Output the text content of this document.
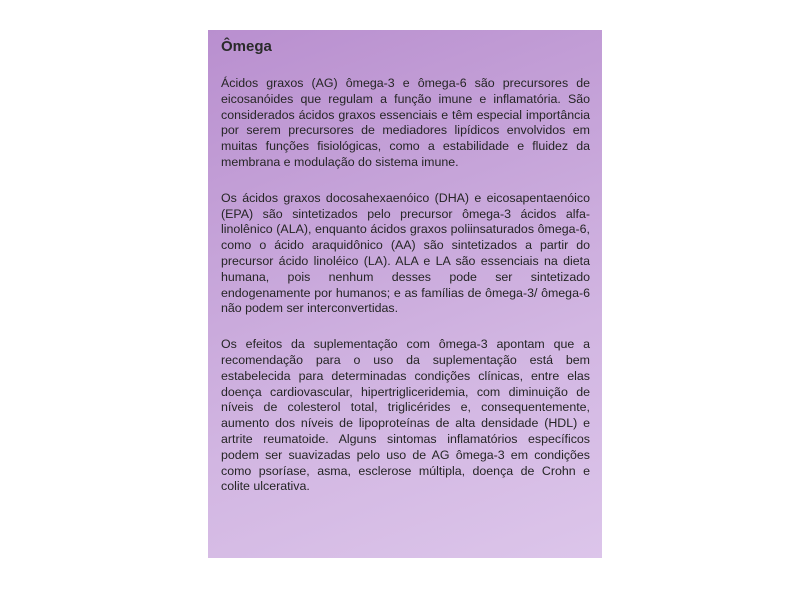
Ômega

Ácidos graxos (AG) ômega-3 e ômega-6 são precursores de eicosanóides que regulam a função imune e inflamatória. São considerados ácidos graxos essenciais e têm especial importância por serem precursores de mediadores lipídicos envolvidos em muitas funções fisiológicas, como a estabilidade e fluidez da membrana e modulação do sistema imune.

Os ácidos graxos docosahexaenóico (DHA) e eicosapentaenóico (EPA) são sintetizados pelo precursor ômega-3 ácidos alfa-linolênico (ALA), enquanto ácidos graxos poliinsaturados ômega-6, como o ácido araquidônico (AA) são sintetizados a partir do precursor ácido linoléico (LA). ALA e LA são essenciais na dieta humana, pois nenhum desses pode ser sintetizado endogenamente por humanos; e as famílias de ômega-3/ ômega-6 não podem ser interconvertidas.

Os efeitos da suplementação com ômega-3 apontam que a recomendação para o uso da suplementação está bem estabelecida para determinadas condições clínicas, entre elas doença cardiovascular, hipertrigliceridemia, com diminuição de níveis de colesterol total, triglicérides e, consequentemente, aumento dos níveis de lipoproteínas de alta densidade (HDL) e artrite reumatoide. Alguns sintomas inflamatórios específicos podem ser suavizadas pelo uso de AG ômega-3 em condições como psoríase, asma, esclerose múltipla, doença de Crohn e colite ulcerativa.
